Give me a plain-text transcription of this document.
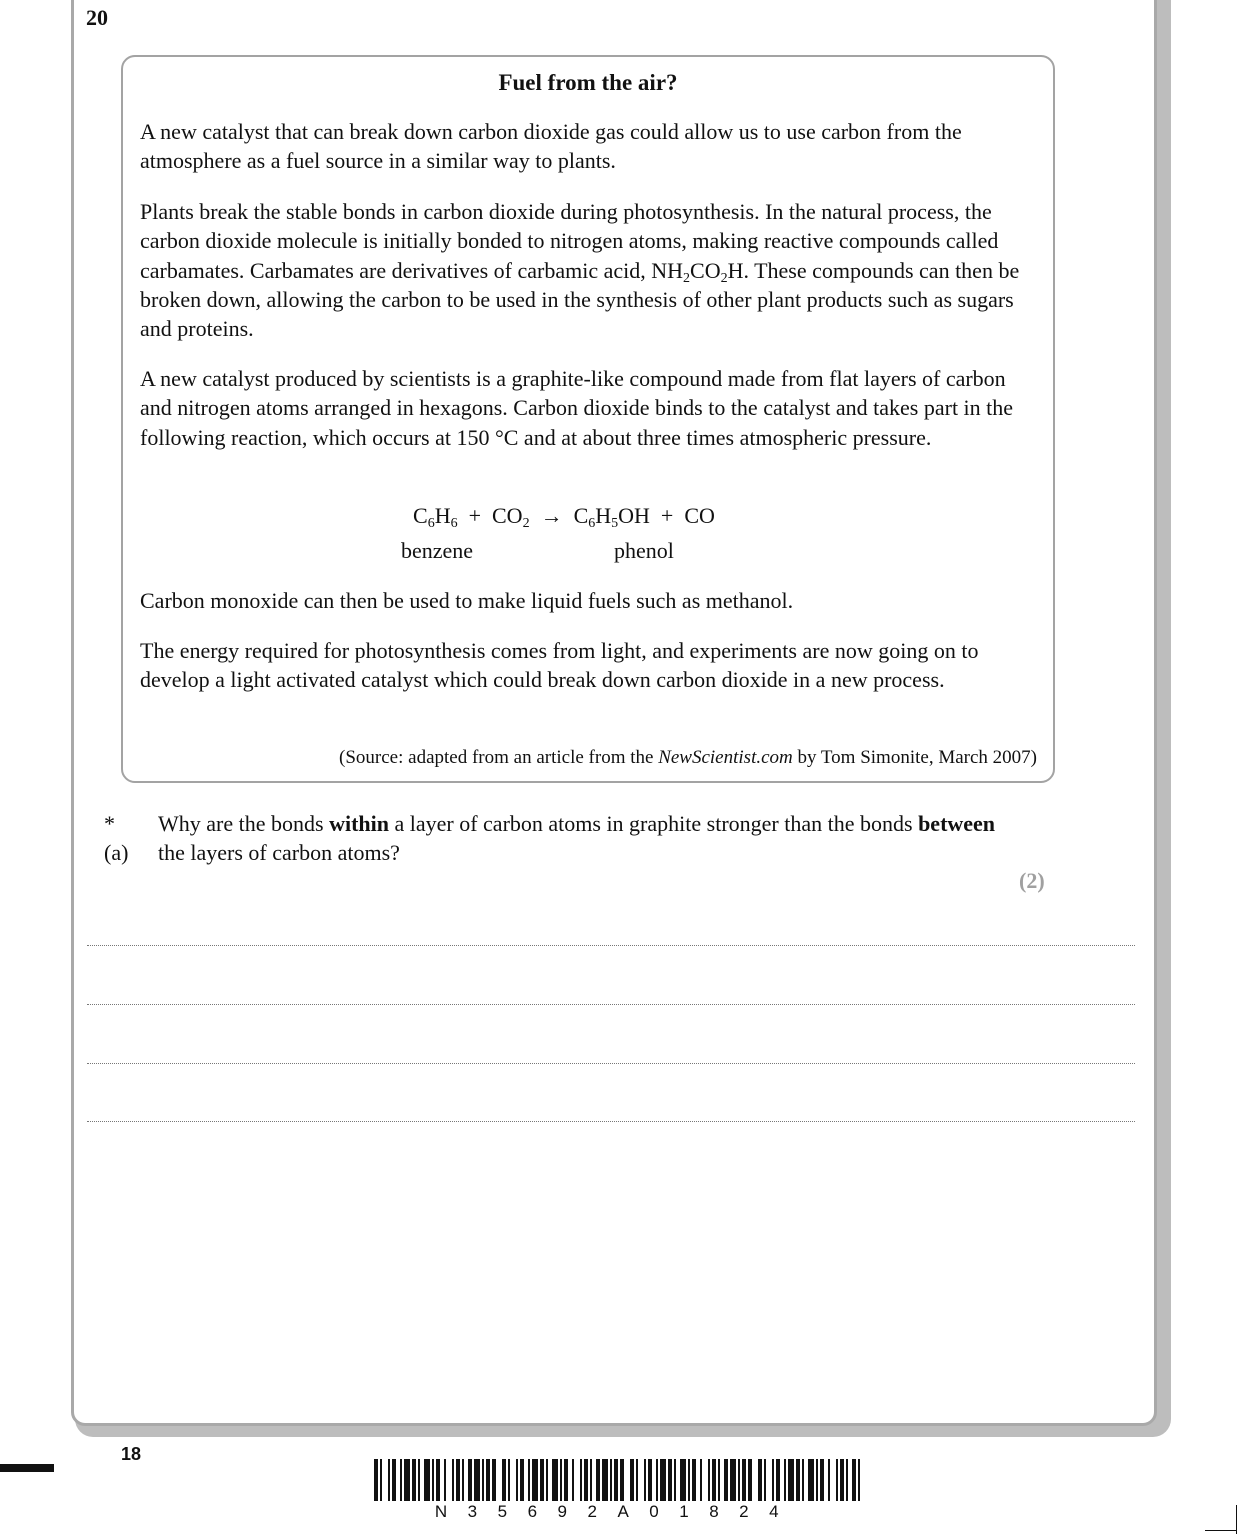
20
Fuel from the air?

A new catalyst that can break down carbon dioxide gas could allow us to use carbon from the atmosphere as a fuel source in a similar way to plants.

Plants break the stable bonds in carbon dioxide during photosynthesis. In the natural process, the carbon dioxide molecule is initially bonded to nitrogen atoms, making reactive compounds called carbamates. Carbamates are derivatives of carbamic acid, $NH_2CO_2H$. These compounds can then be broken down, allowing the carbon to be used in the synthesis of other plant products such as sugars and proteins.

A new catalyst produced by scientists is a graphite-like compound made from flat layers of carbon and nitrogen atoms arranged in hexagons. Carbon dioxide binds to the catalyst and takes part in the following reaction, which occurs at 150 °C and at about three times atmospheric pressure.

$C_6H_6 + CO_2 \to C_6H_5OH$ + CO
benzene	phenol

Carbon monoxide can then be used to make liquid fuels such as methanol.

The energy required for photosynthesis comes from light, and experiments are now going on to develop a light activated catalyst which could break down carbon dioxide in a new process.

(Source: adapted from an article from the NewScientist.com by Tom Simonite, March 2007)
*(a)
Why are the bonds within a layer of carbon atoms in graphite stronger than the bonds between the layers of carbon atoms?
(2)
18
N35692A01824
